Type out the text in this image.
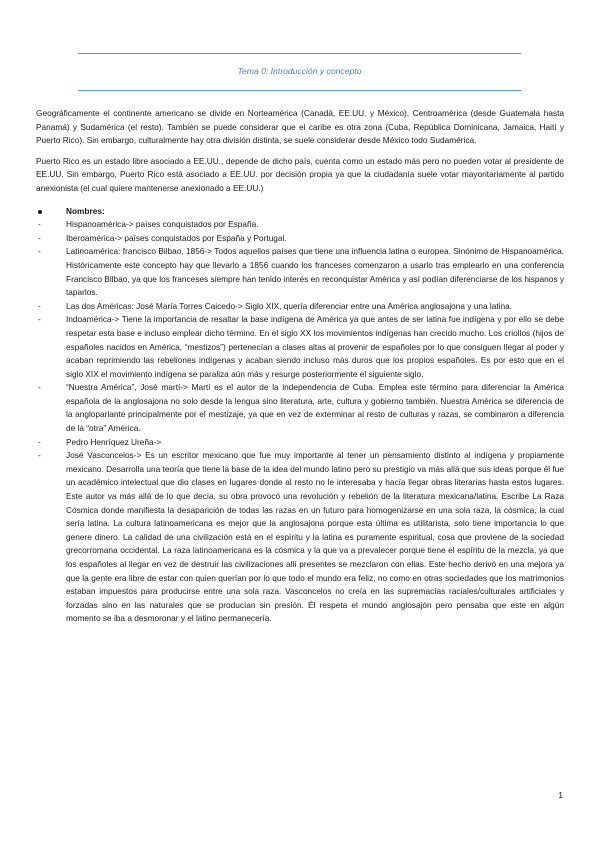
Tema 0: Introducción y concepto

Geográficamente el continente americano se divide en Norteamérica (Canadá, EE.UU. y México), Centroamérica (desde Guatemala hasta Panamá) y Sudamérica (el resto). También se puede considerar que el caribe es otra zona (Cuba, República Dominicana, Jamaica, Haití y Puerto Rico). Sin embargo, culturalmente hay otra división distinta, se suele considerar desde México todo Sudamérica.

Puerto Rico es un estado libre asociado a EE.UU., depende de dicho país, cuenta como un estado más pero no pueden votar al presidente de EE.UU. Sin embargo, Puerto Rico está asociado a EE.UU. por decisión propia ya que la ciudadanía suele votar mayoritariamente al partido anexionista (el cual quiere mantenerse anexionado a EE.UU.)

Nombres:
Hispanoamérica-> países conquistados por España.
Iberoamérica-> países conquistados por España y Portugal.
Latinoamérica: francisco Bilbao, 1856-> Todos aquellos países que tiene una influencia latina o europea. Sinónimo de Hispanoamérica. Históricamente este concepto hay que llevarlo a 1856 cuando los franceses comenzaron a usarlo tras emplearlo en una conferencia Francisco Bilbao, ya que los franceses siempre han tenido interés en reconquistar América y así podían diferenciarse de los hispanos y taparlos.
Las dos Américas: José María Torres Caicedo-> Siglo XIX, quería diferenciar entre una América anglosajona y una latina.
Indoamérica-> Tiene la importancia de resaltar la base indígena de América ya que antes de ser latina fue indígena y por ello se debe respetar esta base e incluso emplear dicho término. En el siglo XX los movimientos indígenas han crecido mucho. Los criollos (hijos de españoles nacidos en América, “mestizos”) pertenecían a clases altas al provenir de españoles por lo que consiguen llegar al poder y acaban reprimiendo las rebeliones indígenas y acaban siendo incluso más duros que los propios españoles. Es por esto que en el siglo XIX el movimiento indígena se paraliza aún más y resurge posteriormente el siguiente siglo.
“Nuestra América”, José martí-> Martí es el autor de la independencia de Cuba. Emplea este término para diferenciar la América española de la anglosajona no solo desde la lengua sino literatura, arte, cultura y gobierno también. Nuestra América se diferencia de la angloparlante principalmente por el mestizaje, ya que en vez de exterminar al resto de culturas y razas, se combinaron a diferencia de la “otra” América.
Pedro Henríquez Ureña->
José Vasconcelos-> Es un escritor mexicano que fue muy importante al tener un pensamiento distinto al indígena y propiamente mexicano. Desarrolla una teoría que tiene la base de la idea del mundo latino pero su prestigio va más allá que sus ideas porque él fue un académico intelectual que dio clases en lugares donde al resto no le interesaba y hacía llegar obras literarias hasta estos lugares. Este autor va más allá de lo que decía, su obra provocó una revolución y rebelión de la literatura mexicana/latina. Escribe La Raza Cósmica donde manifiesta la desaparición de todas las razas en un futuro para homogenizarse en una sola raza, la cósmica, la cual sería latina. La cultura latinoamericana es mejor que la anglosajona porque esta última es utilitarista, solo tiene importancia lo que genere dinero. La calidad de una civilización está en el espíritu y la latina es puramente espiritual, cosa que proviene de la sociedad grecorromana occidental. La raza latinoamericana es la cósmica y la que va a prevalecer porque tiene el espíritu de la mezcla, ya que los españoles al llegar en vez de destruir las civilizaciones allí presentes se mezclaron con ellas. Este hecho derivó en una mejora ya que la gente era libre de estar con quien querían por lo que todo el mundo era feliz, no como en otras sociedades que los matrimonios estaban impuestos para producirse entre una sola raza. Vasconcelos no creía en las supremacías raciales/culturales artificiales y forzadas sino en las naturales que se producían sin presión. Él respeta el mundo anglosajón pero pensaba que este en algún momento se iba a desmoronar y el latino permanecería.
1
